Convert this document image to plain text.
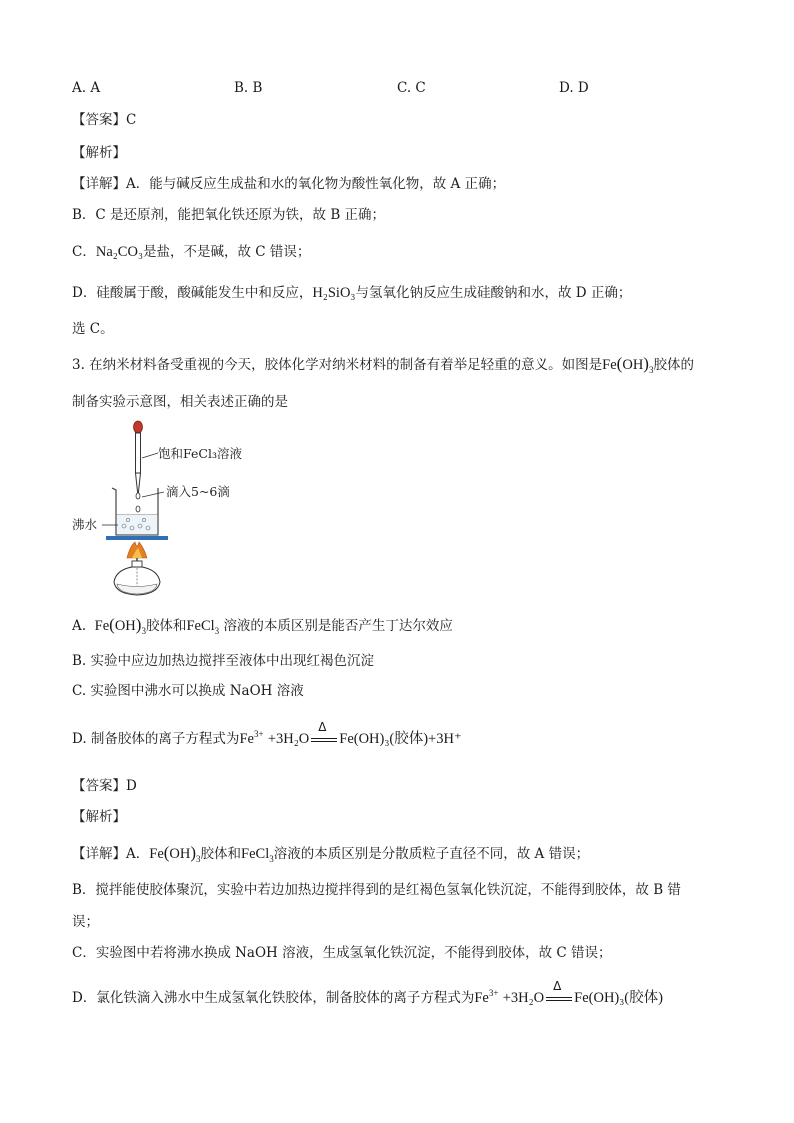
A. A	B. B	C. C	D. D
【答案】C
【解析】
【详解】A．能与碱反应生成盐和水的氧化物为酸性氧化物，故 A 正确；
B．C 是还原剂，能把氧化铁还原为铁，故 B 正确；
C．Na₂CO₃是盐，不是碱，故 C 错误；
D．硅酸属于酸，酸碱能发生中和反应，H₂SiO₃与氢氧化钠反应生成硅酸钠和水，故 D 正确；
选 C。
3. 在纳米材料备受重视的今天，胶体化学对纳米材料的制备有着举足轻重的意义。如图是$Fe(OH)_3$胶体的
制备实验示意图，相关表述正确的是
饱和FeCl₃溶液
滴入5~6滴
沸水
A. $Fe(OH)_3$胶体和FeCl$_3$ 溶液的本质区别是能否产生丁达尔效应
B. 实验中应边加热边搅拌至液体中出现红褐色沉淀
C. 实验图中沸水可以换成 NaOH 溶液
D. 制备胶体的离子方程式为$Fe^{3+} +3H_2O$
Δ
Fe(OH)₃(胶体)+3H⁺
【答案】D
【解析】
【详解】A．$Fe(OH)_3$胶体和FeCl$_3$溶液的本质区别是分散质粒子直径不同，故 A 错误；
B．搅拌能使胶体聚沉，实验中若边加热边搅拌得到的是红褐色氢氧化铁沉淀，不能得到胶体，故 B 错
误；
C．实验图中若将沸水换成 NaOH 溶液，生成氢氧化铁沉淀，不能得到胶体，故 C 错误；
D．氯化铁滴入沸水中生成氢氧化铁胶体，制备胶体的离子方程式为$Fe^{3+} +3H_2O$
Δ
Fe(OH)₃(胶体)
